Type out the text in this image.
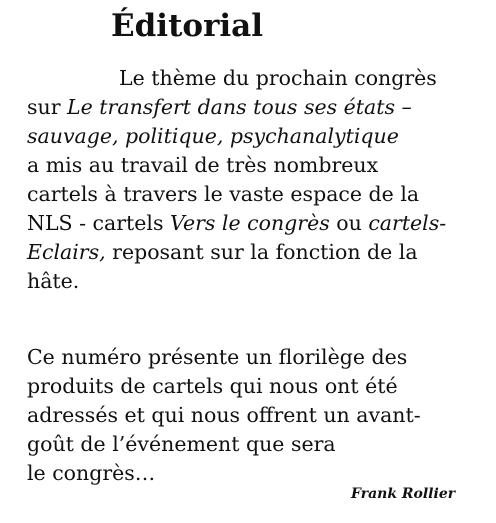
Éditorial
Le thème du prochain congrès
sur Le transfert dans tous ses états –
sauvage, politique, psychanalytique
a mis au travail de très nombreux
cartels à travers le vaste espace de la
NLS - cartels Vers le congrès ou cartels-
Eclairs, reposant sur la fonction de la
hâte.
Ce numéro présente un florilège des
produits de cartels qui nous ont été
adressés et qui nous offrent un avant-
goût de l’événement que sera
le congrès…
Frank Rollier
